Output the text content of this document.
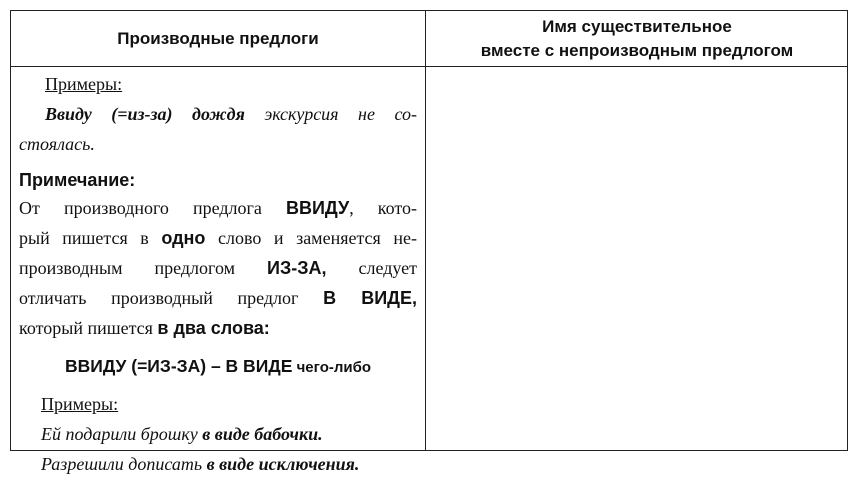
Производные предлоги
Имя существительное
вместе с непроизводным предлогом
Примеры:
Ввиду (=из-за) дождя экскурсия не со-
стоялась.
Примечание:
От производного предлога ВВИДУ, кото-
рый пишется в одно слово и заменяется не-
производным предлогом ИЗ-ЗА, следует
отличать производный предлог В ВИДЕ,
который пишется в два слова:
ВВИДУ (=ИЗ-ЗА) – В ВИДЕ чего-либо
Примеры:
Ей подарили брошку в виде бабочки.
Разрешили дописать в виде исключения.
